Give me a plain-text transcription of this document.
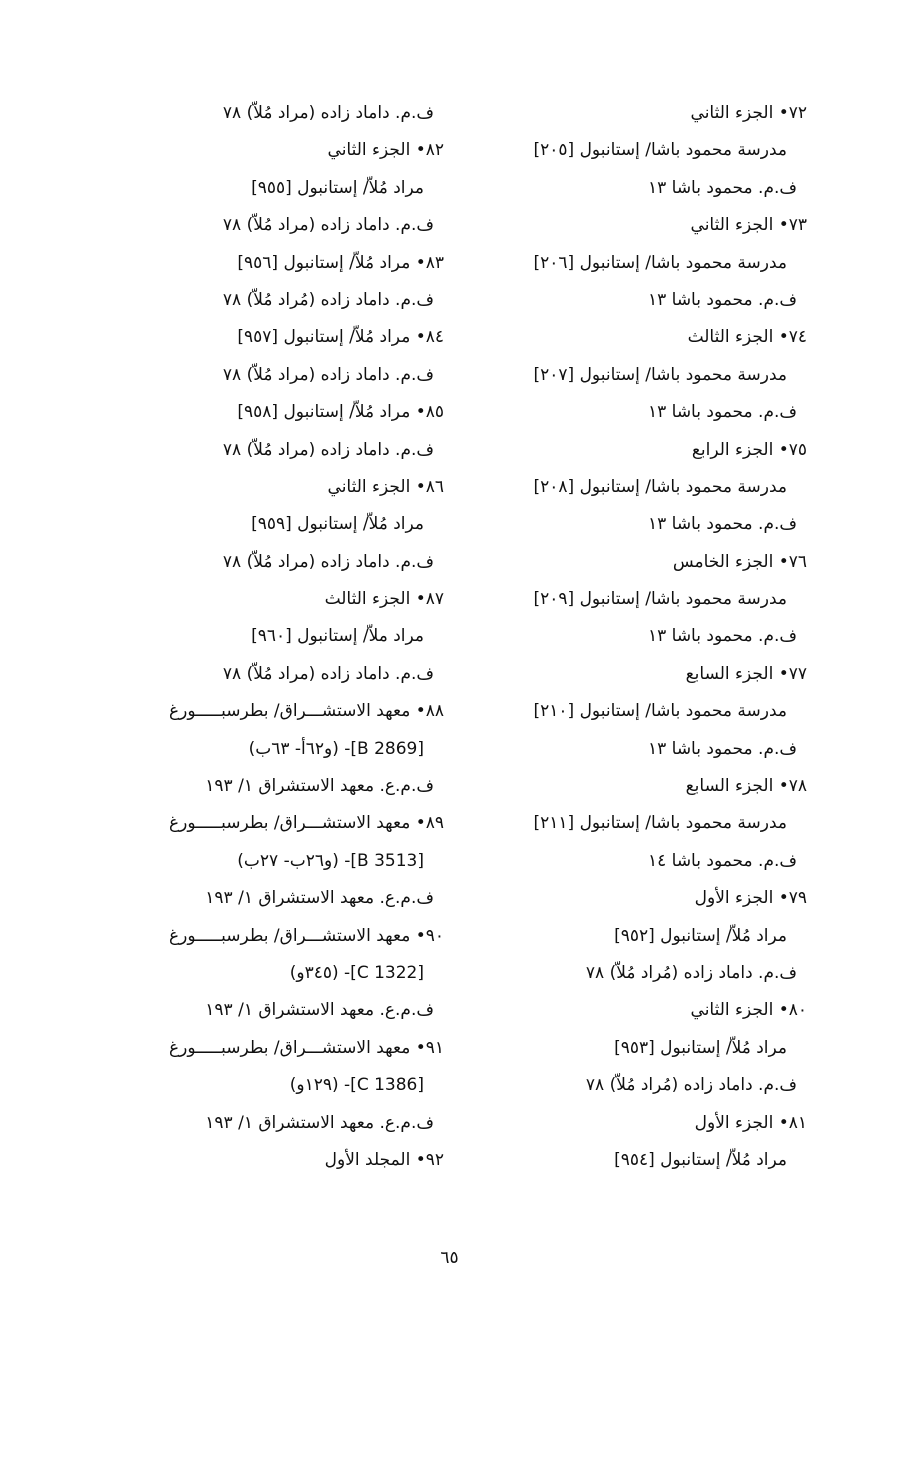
٧٢• الجزء الثاني
مدرسة محمود باشا/ إستانبول [٢٠٥]
ف.م. محمود باشا ١٣
٧٣• الجزء الثاني
مدرسة محمود باشا/ إستانبول [٢٠٦]
ف.م. محمود باشا ١٣
٧٤• الجزء الثالث
مدرسة محمود باشا/ إستانبول [٢٠٧]
ف.م. محمود باشا ١٣
٧٥• الجزء الرابع
مدرسة محمود باشا/ إستانبول [٢٠٨]
ف.م. محمود باشا ١٣
٧٦• الجزء الخامس
مدرسة محمود باشا/ إستانبول [٢٠٩]
ف.م. محمود باشا ١٣
٧٧• الجزء السابع
مدرسة محمود باشا/ إستانبول [٢١٠]
ف.م. محمود باشا ١٣
٧٨• الجزء السابع
مدرسة محمود باشا/ إستانبول [٢١١]
ف.م. محمود باشا ١٤
٧٩• الجزء الأول
مراد مُلاّ/ إستانبول [٩٥٢]
ف.م. داماد زاده (مُراد مُلاّ) ٧٨
٨٠• الجزء الثاني
مراد مُلاّ/ إستانبول [٩٥٣]
ف.م. داماد زاده (مُراد مُلاّ) ٧٨
٨١• الجزء الأول
مراد مُلاّ/ إستانبول [٩٥٤]
ف.م. داماد زاده (مراد مُلاّ) ٧٨
٨٢• الجزء الثاني
مراد مُلاّ/ إستانبول [٩٥٥]
ف.م. داماد زاده (مراد مُلاّ) ٧٨
٨٣• مراد مُلاّ/ إستانبول [٩٥٦]
ف.م. داماد زاده (مُراد مُلاّ) ٧٨
٨٤• مراد مُلاّ/ إستانبول [٩٥٧]
ف.م. داماد زاده (مراد مُلاّ) ٧٨
٨٥• مراد مُلاّ/ إستانبول [٩٥٨]
ف.م. داماد زاده (مراد مُلاّ) ٧٨
٨٦• الجزء الثاني
مراد مُلاّ/ إستانبول [٩٥٩]
ف.م. داماد زاده (مراد مُلاّ) ٧٨
٨٧• الجزء الثالث
مراد ملاّ/ إستانبول [٩٦٠]
ف.م. داماد زاده (مراد مُلاّ) ٧٨
٨٨• معهد الاستشـــراق/ بطرسبـــــورغ
[B 2869]- (و٦٢أ- ٦٣ب)
ف.م.ع. معهد الاستشراق ١/ ١٩٣
٨٩• معهد الاستشـــراق/ بطرسبـــــورغ
[B 3513]- (و٢٦ب- ٢٧ب)
ف.م.ع. معهد الاستشراق ١/ ١٩٣
٩٠• معهد الاستشـــراق/ بطرسبـــــورغ
[C 1322]- (٣٤٥و)
ف.م.ع. معهد الاستشراق ١/ ١٩٣
٩١• معهد الاستشـــراق/ بطرسبـــــورغ
[C 1386]- (١٢٩و)
ف.م.ع. معهد الاستشراق ١/ ١٩٣
٩٢• المجلد الأول
٦٥
